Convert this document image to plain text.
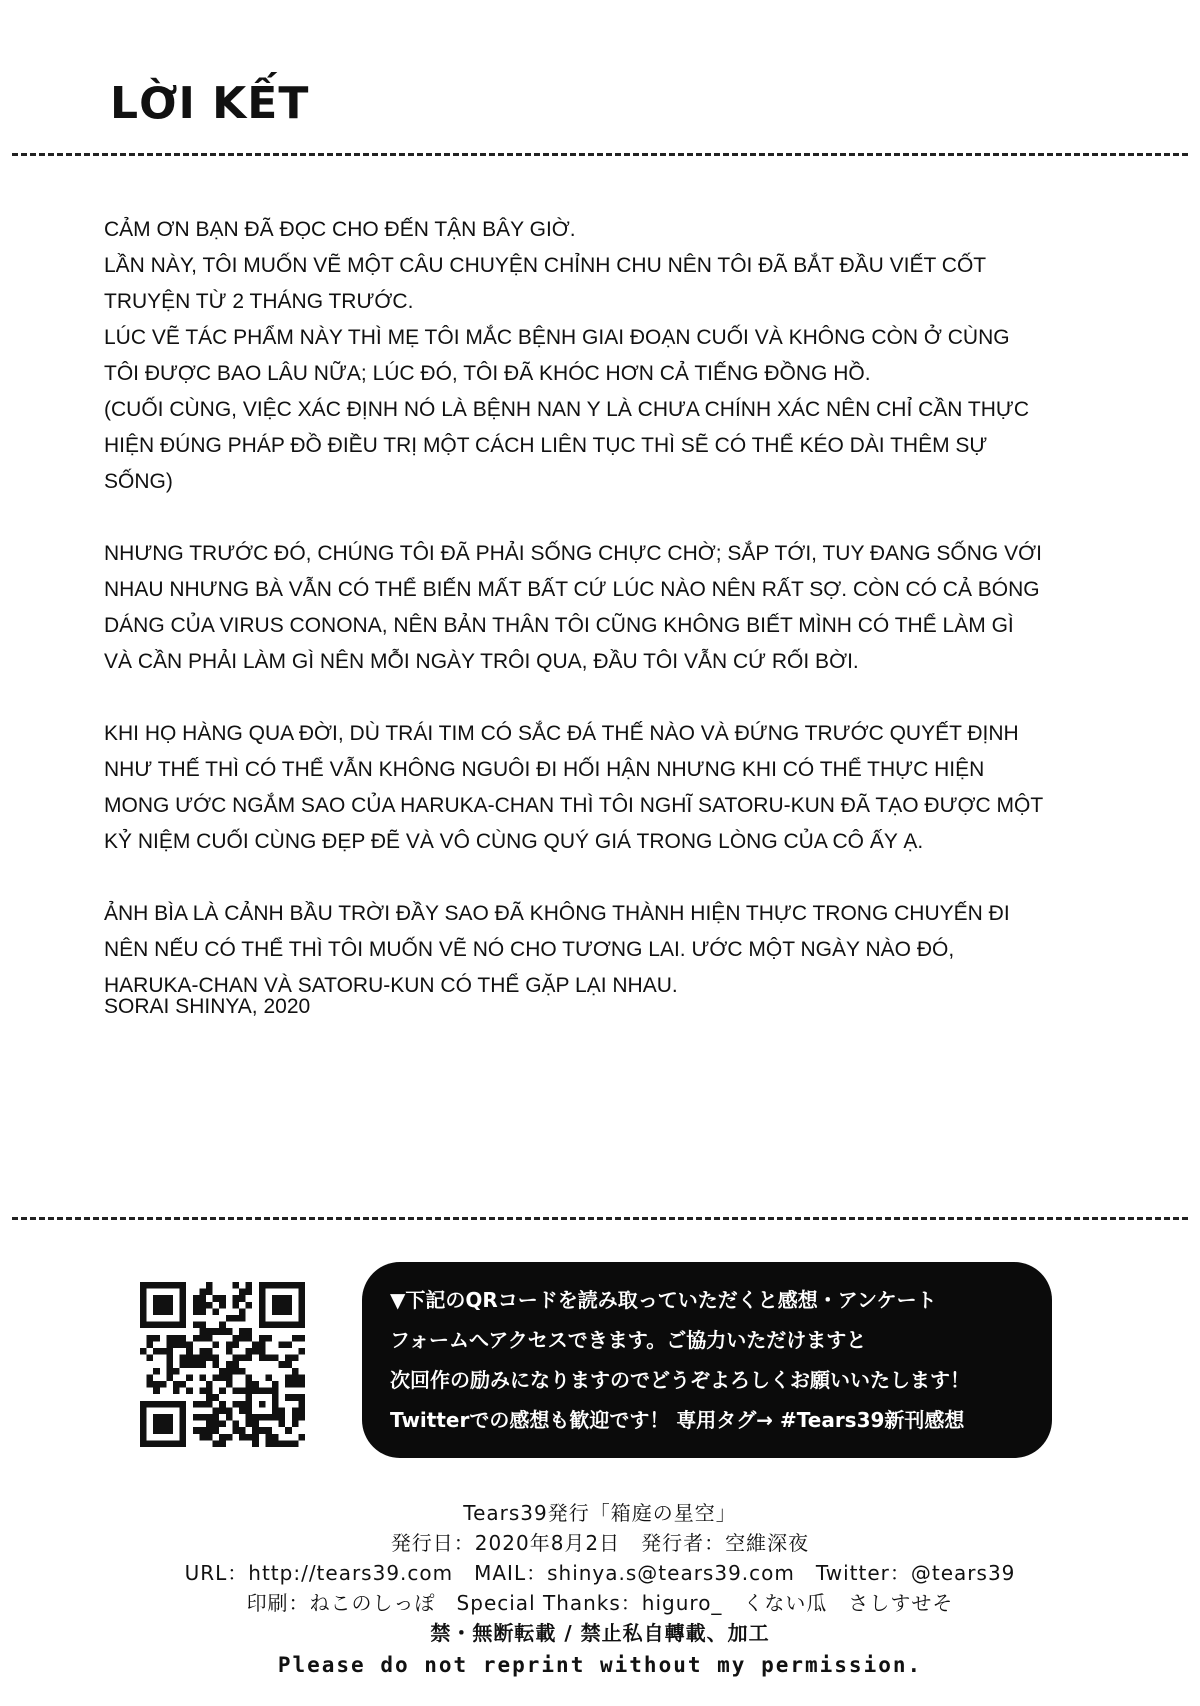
LỜI KẾT

CẢM ƠN BẠN ĐÃ ĐỌC CHO ĐẾN TẬN BÂY GIỜ.

LẦN NÀY, TÔI MUỐN VẼ MỘT CÂU CHUYỆN CHỈNH CHU NÊN TÔI ĐÃ BẮT ĐẦU VIẾT CỐT TRUYỆN TỪ 2 THÁNG TRƯỚC.

LÚC VẼ TÁC PHẨM NÀY THÌ MẸ TÔI MẮC BỆNH GIAI ĐOẠN CUỐI VÀ KHÔNG CÒN Ở CÙNG TÔI ĐƯỢC BAO LÂU NỮA; LÚC ĐÓ, TÔI ĐÃ KHÓC HƠN CẢ TIẾNG ĐỒNG HỒ.

(CUỐI CÙNG, VIỆC XÁC ĐỊNH NÓ LÀ BỆNH NAN Y LÀ CHƯA CHÍNH XÁC NÊN CHỈ CẦN THỰC HIỆN ĐÚNG PHÁP ĐỒ ĐIỀU TRỊ MỘT CÁCH LIÊN TỤC THÌ SẼ CÓ THỂ KÉO DÀI THÊM SỰ SỐNG)

NHƯNG TRƯỚC ĐÓ, CHÚNG TÔI ĐÃ PHẢI SỐNG CHỰC CHỜ; SẮP TỚI, TUY ĐANG SỐNG VỚI NHAU NHƯNG BÀ VẪN CÓ THỂ BIẾN MẤT BẤT CỨ LÚC NÀO NÊN RẤT SỢ. CÒN CÓ CẢ BÓNG DÁNG CỦA VIRUS CONONA, NÊN BẢN THÂN TÔI CŨNG KHÔNG BIẾT MÌNH CÓ THỂ LÀM GÌ VÀ CẦN PHẢI LÀM GÌ NÊN MỖI NGÀY TRÔI QUA, ĐẦU TÔI VẪN CỨ RỐI BỜI.

KHI HỌ HÀNG QUA ĐỜI, DÙ TRÁI TIM CÓ SẮC ĐÁ THẾ NÀO VÀ ĐỨNG TRƯỚC QUYẾT ĐỊNH NHƯ THẾ THÌ CÓ THỂ VẪN KHÔNG NGUÔI ĐI HỐI HẬN NHƯNG KHI CÓ THỂ THỰC HIỆN MONG ƯỚC NGẮM SAO CỦA HARUKA-CHAN THÌ TÔI NGHĨ SATORU-KUN ĐÃ TẠO ĐƯỢC MỘT KỶ NIỆM CUỐI CÙNG ĐẸP ĐẼ VÀ VÔ CÙNG QUÝ GIÁ TRONG LÒNG CỦA CÔ ẤY Ạ.

ẢNH BÌA LÀ CẢNH BẦU TRỜI ĐẦY SAO ĐÃ KHÔNG THÀNH HIỆN THỰC TRONG CHUYẾN ĐI NÊN NẾU CÓ THỂ THÌ TÔI MUỐN VẼ NÓ CHO TƯƠNG LAI. ƯỚC MỘT NGÀY NÀO ĐÓ, HARUKA-CHAN VÀ SATORU-KUN CÓ THỂ GẶP LẠI NHAU.

SORAI SHINYA, 2020
▼下記のQRコードを読み取っていただくと感想・アンケート
フォームへアクセスできます。ご協力いただけますと
次回作の励みになりますのでどうぞよろしくお願いいたします！
Twitterでの感想も歓迎です！ 専用タグ→ #Tears39新刊感想
Tears39発行「箱庭の星空」
発行日：2020年8月2日　発行者：空維深夜
URL：http://tears39.com　MAIL：shinya.s@tears39.com　Twitter：@tears39
印刷：ねこのしっぽ　Special Thanks：higuro_　くない瓜　さしすせそ
禁・無断転載 / 禁止私自轉載、加工
Please do not reprint without my permission.
